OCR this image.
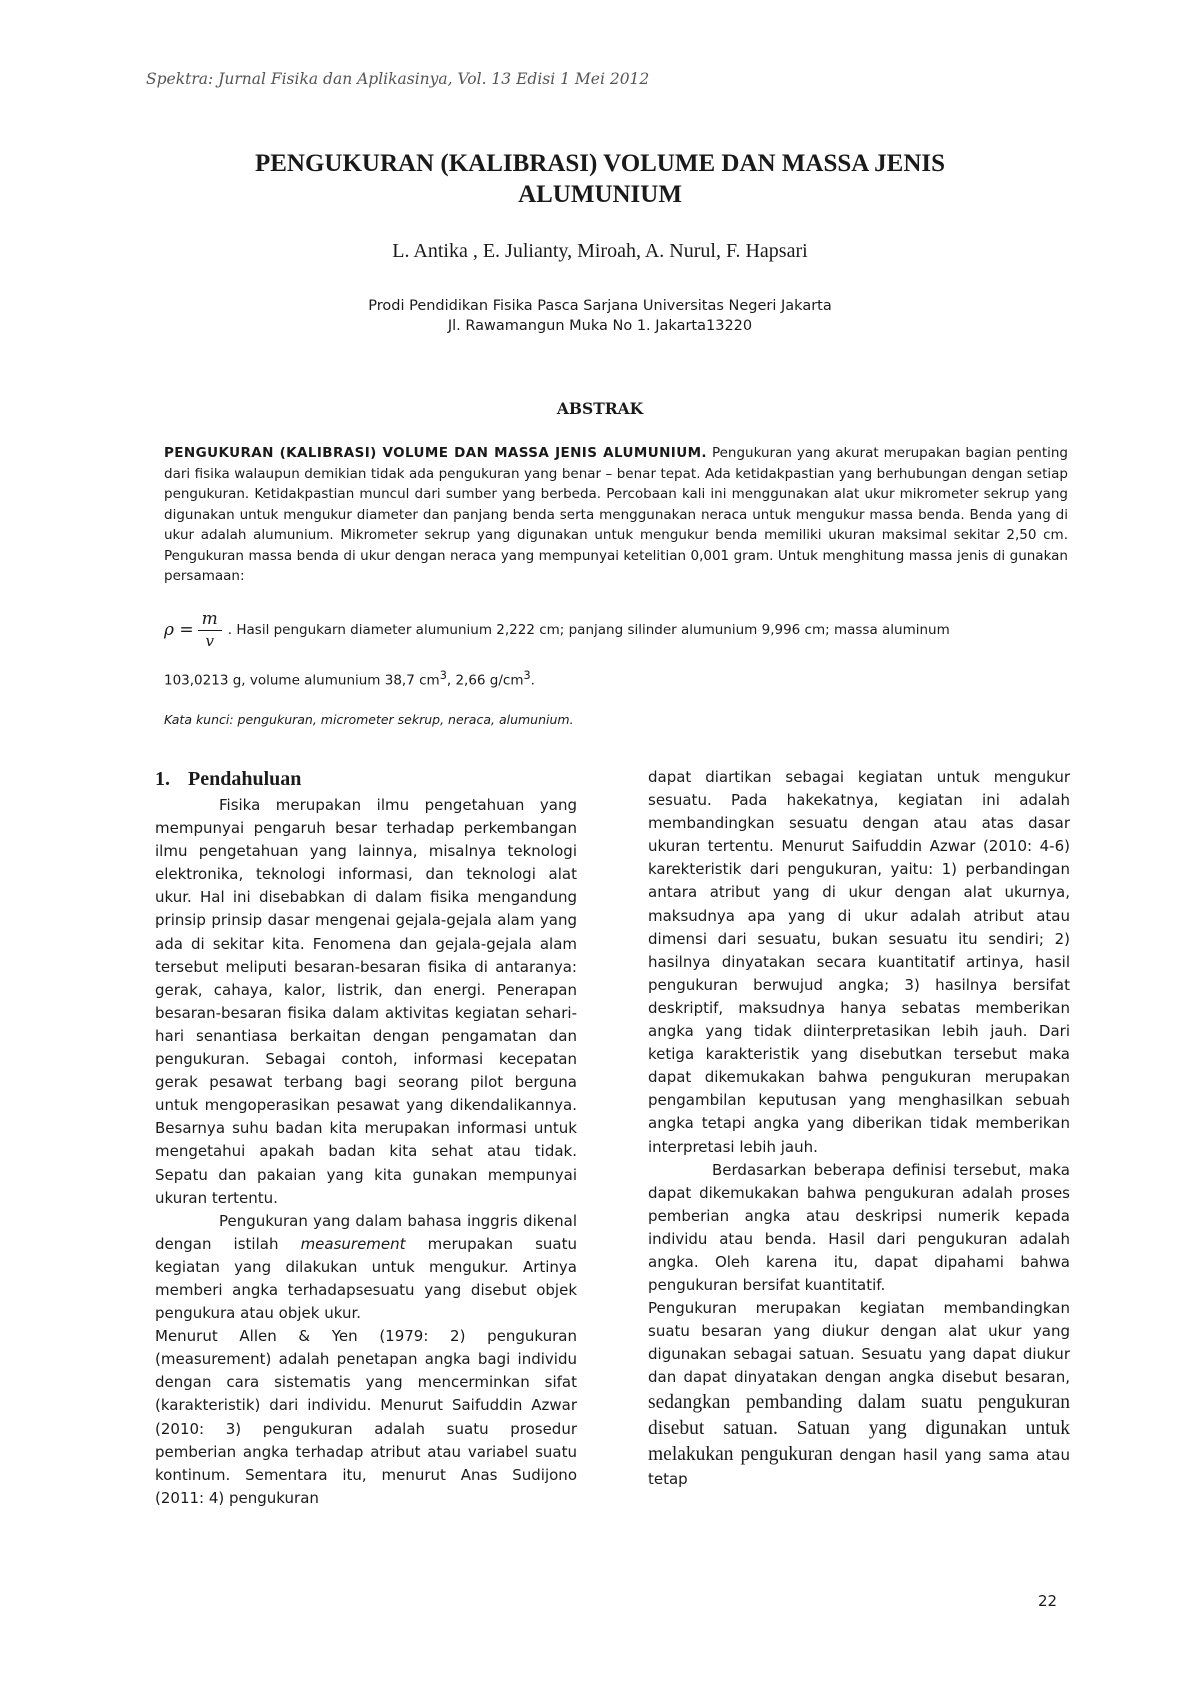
Spektra: Jurnal Fisika dan Aplikasinya, Vol. 13 Edisi 1 Mei 2012
PENGUKURAN (KALIBRASI) VOLUME DAN MASSA JENIS
ALUMUNIUM
L. Antika , E. Julianty, Miroah, A. Nurul, F. Hapsari
Prodi Pendidikan Fisika Pasca Sarjana Universitas Negeri Jakarta
Jl. Rawamangun Muka No 1. Jakarta13220
ABSTRAK
PENGUKURAN (KALIBRASI) VOLUME DAN MASSA JENIS ALUMUNIUM. Pengukuran yang akurat merupakan bagian penting dari fisika walaupun demikian tidak ada pengukuran yang benar – benar tepat. Ada ketidakpastian yang berhubungan dengan setiap pengukuran. Ketidakpastian muncul dari sumber yang berbeda. Percobaan kali ini menggunakan alat ukur mikrometer sekrup yang digunakan untuk mengukur diameter dan panjang benda serta menggunakan neraca untuk mengukur massa benda. Benda yang di ukur adalah alumunium. Mikrometer sekrup yang digunakan untuk mengukur benda memiliki ukuran maksimal sekitar 2,50 cm. Pengukuran massa benda di ukur dengan neraca yang mempunyai ketelitian 0,001 gram. Untuk menghitung massa jenis di gunakan persamaan:
$\rho = \frac{m}{v}$ . Hasil pengukarn diameter alumunium 2,222 cm; panjang silinder alumunium 9,996 cm; massa aluminum
103,0213 g, volume alumunium 38,7 $cm^3$, 2,66 $g/cm^3$.
Kata kunci: pengukuran, micrometer sekrup, neraca, alumunium.
1. Pendahuluan

Fisika merupakan ilmu pengetahuan yang mempunyai pengaruh besar terhadap perkembangan ilmu pengetahuan yang lainnya, misalnya teknologi elektronika, teknologi informasi, dan teknologi alat ukur. Hal ini disebabkan di dalam fisika mengandung prinsip prinsip dasar mengenai gejala-gejala alam yang ada di sekitar kita. Fenomena dan gejala-gejala alam tersebut meliputi besaran-besaran fisika di antaranya: gerak, cahaya, kalor, listrik, dan energi. Penerapan besaran-besaran fisika dalam aktivitas kegiatan sehari-hari senantiasa berkaitan dengan pengamatan dan pengukuran. Sebagai contoh, informasi kecepatan gerak pesawat terbang bagi seorang pilot berguna untuk mengoperasikan pesawat yang dikendalikannya. Besarnya suhu badan kita merupakan informasi untuk mengetahui apakah badan kita sehat atau tidak. Sepatu dan pakaian yang kita gunakan mempunyai ukuran tertentu.

Pengukuran yang dalam bahasa inggris dikenal dengan istilah measurement merupakan suatu kegiatan yang dilakukan untuk mengukur. Artinya memberi angka terhadapsesuatu yang disebut objek pengukura atau objek ukur.

Menurut Allen & Yen (1979: 2) pengukuran (measurement) adalah penetapan angka bagi individu dengan cara sistematis yang mencerminkan sifat (karakteristik) dari individu. Menurut Saifuddin Azwar (2010: 3) pengukuran adalah suatu prosedur pemberian angka terhadap atribut atau variabel suatu kontinum. Sementara itu, menurut Anas Sudijono (2011: 4) pengukuran

dapat diartikan sebagai kegiatan untuk mengukur sesuatu. Pada hakekatnya, kegiatan ini adalah membandingkan sesuatu dengan atau atas dasar ukuran tertentu. Menurut Saifuddin Azwar (2010: 4-6) karekteristik dari pengukuran, yaitu: 1) perbandingan antara atribut yang di ukur dengan alat ukurnya, maksudnya apa yang di ukur adalah atribut atau dimensi dari sesuatu, bukan sesuatu itu sendiri; 2) hasilnya dinyatakan secara kuantitatif artinya, hasil pengukuran berwujud angka; 3) hasilnya bersifat deskriptif, maksudnya hanya sebatas memberikan angka yang tidak diinterpretasikan lebih jauh. Dari ketiga karakteristik yang disebutkan tersebut maka dapat dikemukakan bahwa pengukuran merupakan pengambilan keputusan yang menghasilkan sebuah angka tetapi angka yang diberikan tidak memberikan interpretasi lebih jauh.

Berdasarkan beberapa definisi tersebut, maka dapat dikemukakan bahwa pengukuran adalah proses pemberian angka atau deskripsi numerik kepada individu atau benda. Hasil dari pengukuran adalah angka. Oleh karena itu, dapat dipahami bahwa pengukuran bersifat kuantitatif.

Pengukuran merupakan kegiatan membandingkan suatu besaran yang diukur dengan alat ukur yang digunakan sebagai satuan. Sesuatu yang dapat diukur dan dapat dinyatakan dengan angka disebut besaran, sedangkan pembanding dalam suatu pengukuran disebut satuan. Satuan yang digunakan untuk melakukan pengukuran dengan hasil yang sama atau tetap

22
